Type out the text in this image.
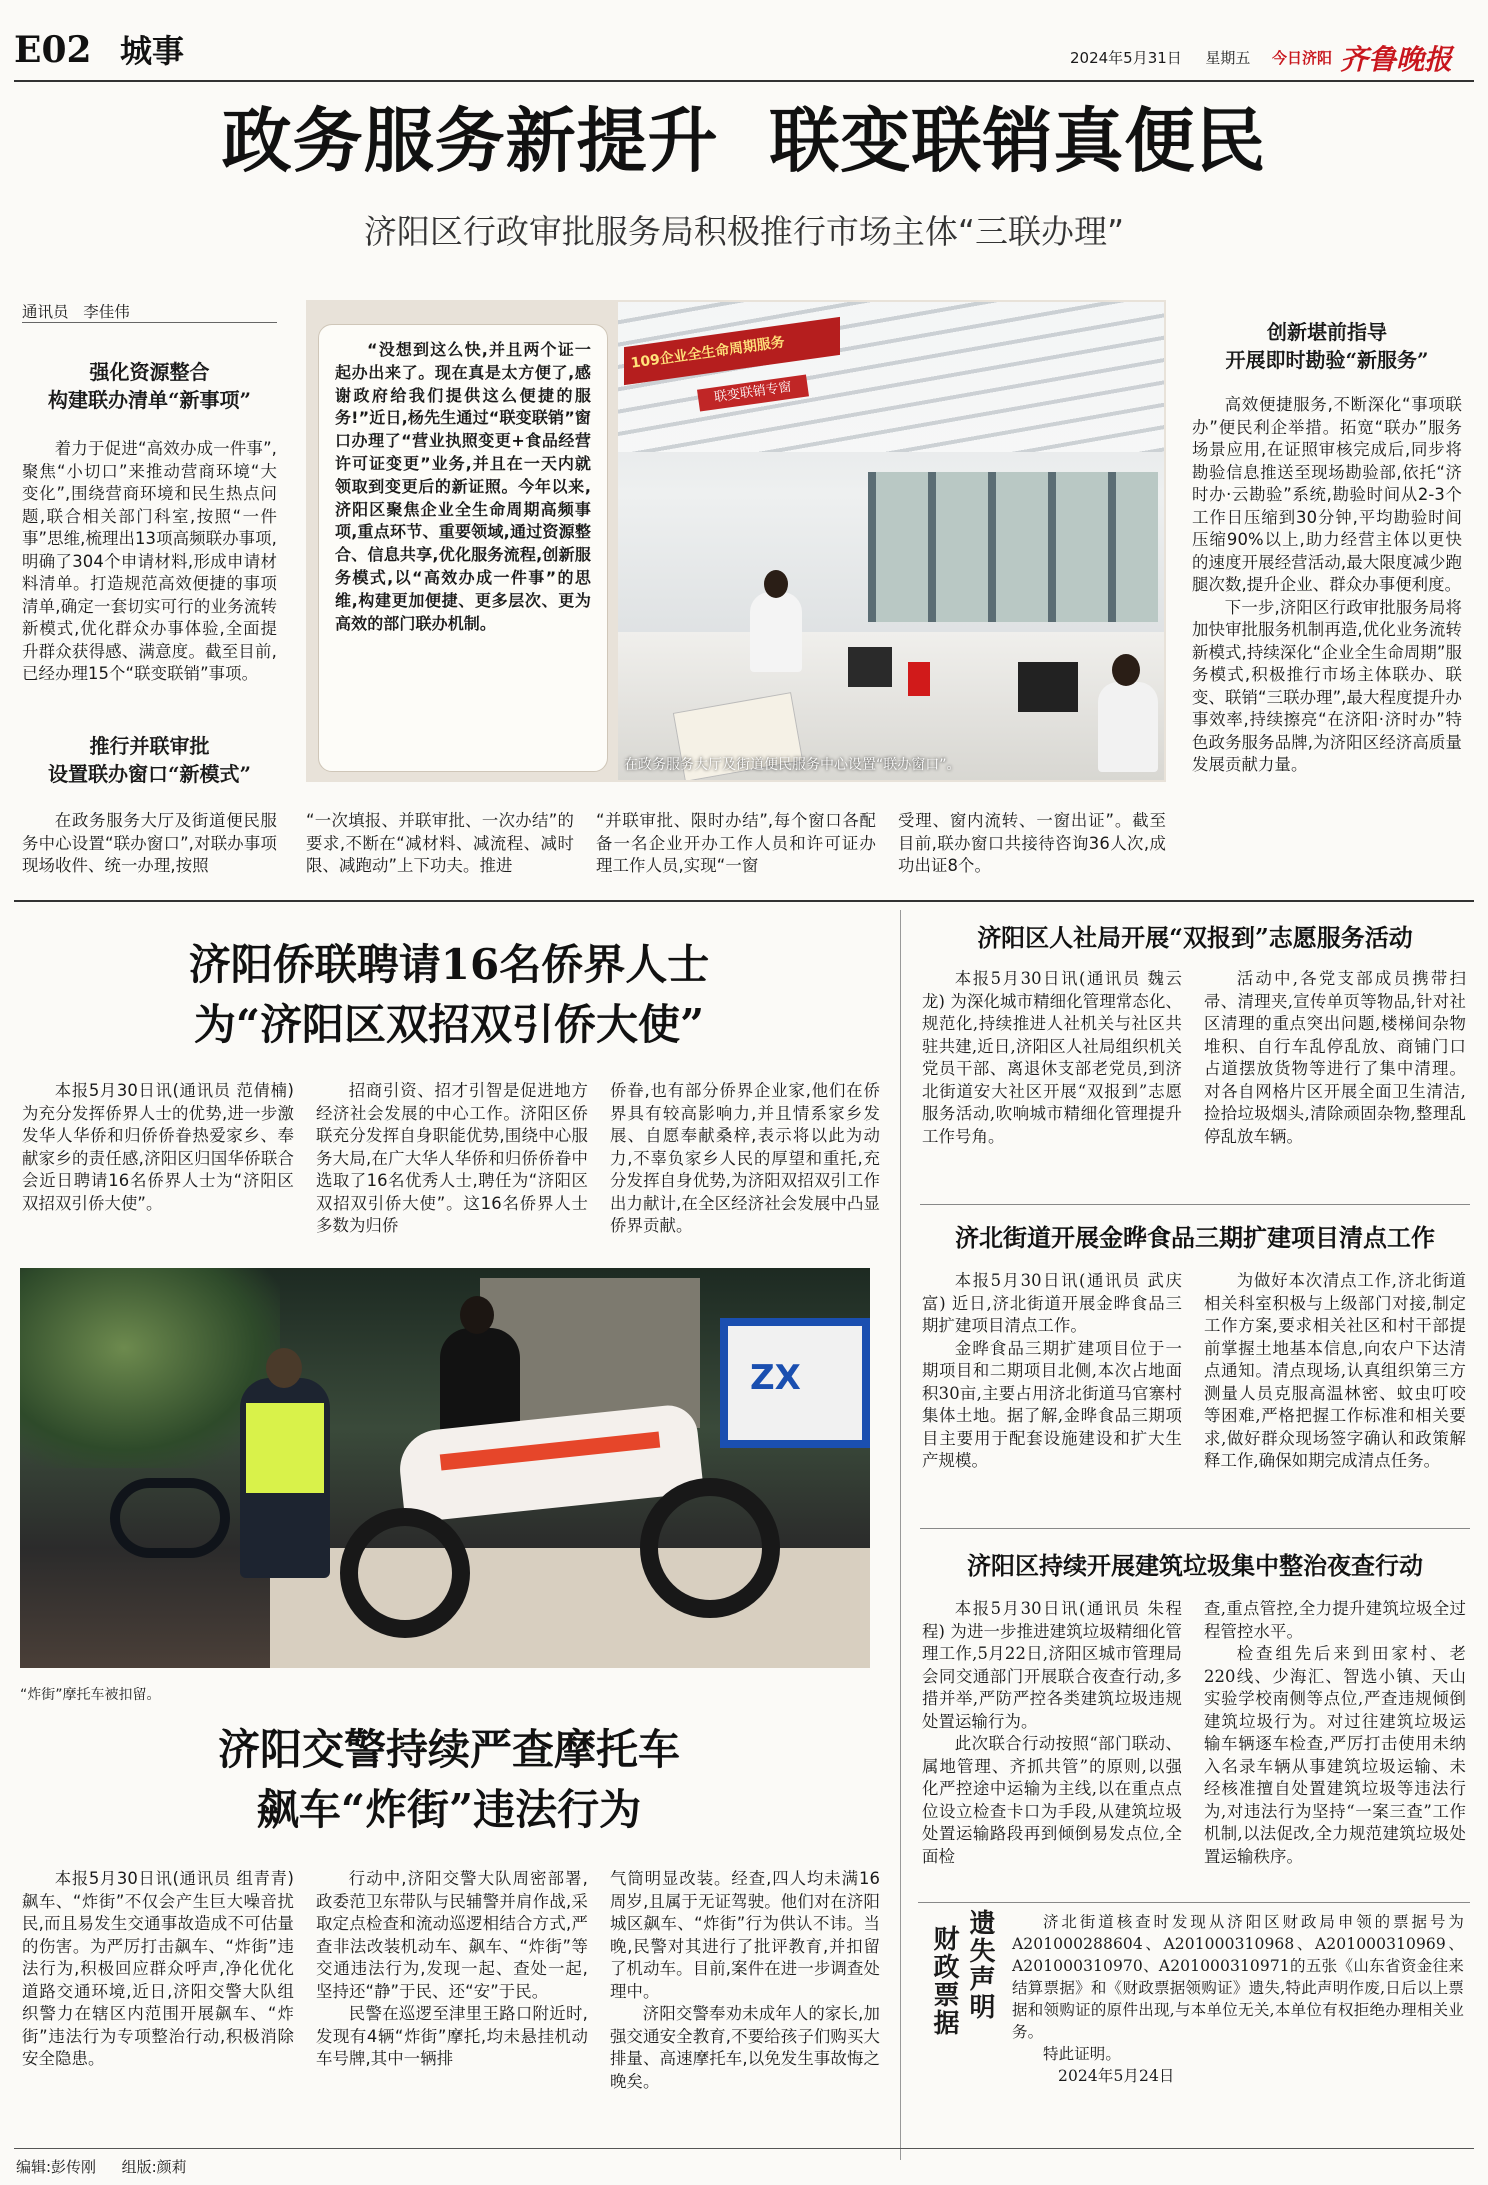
E02 城事	2024年5月31日 星期五 今日济阳 齐鲁晚报
政务服务新提升  联变联销真便民
济阳区行政审批服务局积极推行市场主体“三联办理”
通讯员   李佳伟
强化资源整合
构建联办清单“新事项”

着力于促进“高效办成一件事”,聚焦“小切口”来推动营商环境“大变化”,围绕营商环境和民生热点问题,联合相关部门科室,按照“一件事”思维,梳理出13项高频联办事项,明确了304个申请材料,形成申请材料清单。打造规范高效便捷的事项清单,确定一套切实可行的业务流转新模式,优化群众办事体验,全面提升群众获得感、满意度。截至目前,已经办理15个“联变联销”事项。

推行并联审批
设置联办窗口“新模式”

在政务服务大厅及街道便民服务中心设置“联办窗口”,对联办事项现场收件、统一办理,按照

“没想到这么快,并且两个证一起办出来了。现在真是太方便了,感谢政府给我们提供这么便捷的服务!”近日,杨先生通过“联变联销”窗口办理了“营业执照变更+食品经营许可证变更”业务,并且在一天内就领取到变更后的新证照。今年以来,济阳区聚焦企业全生命周期高频事项,重点环节、重要领域,通过资源整合、信息共享,优化服务流程,创新服务模式,以“高效办成一件事”的思维,构建更加便捷、更多层次、更为高效的部门联办机制。

109企业全生命周期服务
联变联销专窗
在政务服务大厅及街道便民服务中心设置“联办窗口”。

“一次填报、并联审批、一次办结”的要求,不断在“减材料、减流程、减时限、减跑动”上下功夫。推进

“并联审批、限时办结”,每个窗口各配备一名企业开办工作人员和许可证办理工作人员,实现“一窗

受理、窗内流转、一窗出证”。截至目前,联办窗口共接待咨询36人次,成功出证8个。

创新堪前指导
开展即时勘验“新服务”

高效便捷服务,不断深化“事项联办”便民利企举措。拓宽“联办”服务场景应用,在证照审核完成后,同步将勘验信息推送至现场勘验部,依托“济时办·云勘验”系统,勘验时间从2-3个工作日压缩到30分钟,平均勘验时间压缩90%以上,助力经营主体以更快的速度开展经营活动,最大限度减少跑腿次数,提升企业、群众办事便利度。

下一步,济阳区行政审批服务局将加快审批服务机制再造,优化业务流转新模式,持续深化“企业全生命周期”服务模式,积极推行市场主体联办、联变、联销“三联办理”,最大程度提升办事效率,持续擦亮“在济阳·济时办”特色政务服务品牌,为济阳区经济高质量发展贡献力量。

济阳侨联聘请16名侨界人士
为“济阳区双招双引侨大使”

本报5月30日讯(通讯员 范倩楠) 为充分发挥侨界人士的优势,进一步激发华人华侨和归侨侨眷热爱家乡、奉献家乡的责任感,济阳区归国华侨联合会近日聘请16名侨界人士为“济阳区双招双引侨大使”。

招商引资、招才引智是促进地方经济社会发展的中心工作。济阳区侨联充分发挥自身职能优势,围绕中心服务大局,在广大华人华侨和归侨侨眷中选取了16名优秀人士,聘任为“济阳区双招双引侨大使”。这16名侨界人士多数为归侨

侨眷,也有部分侨界企业家,他们在侨界具有较高影响力,并且情系家乡发展、自愿奉献桑梓,表示将以此为动力,不辜负家乡人民的厚望和重托,充分发挥自身优势,为济阳双招双引工作出力献计,在全区经济社会发展中凸显侨界贡献。

ZX
“炸街”摩托车被扣留。
济阳交警持续严查摩托车
飙车“炸街”违法行为

本报5月30日讯(通讯员 组青青) 飙车、“炸街”不仅会产生巨大噪音扰民,而且易发生交通事故造成不可估量的伤害。为严厉打击飙车、“炸街”违法行为,积极回应群众呼声,净化优化道路交通环境,近日,济阳交警大队组织警力在辖区内范围开展飙车、“炸街”违法行为专项整治行动,积极消除安全隐患。

行动中,济阳交警大队周密部署,政委范卫东带队与民辅警并肩作战,采取定点检查和流动巡逻相结合方式,严查非法改装机动车、飙车、“炸街”等交通违法行为,发现一起、查处一起,坚持还“静”于民、还“安”于民。

民警在巡逻至津里王路口附近时,发现有4辆“炸街”摩托,均未悬挂机动车号牌,其中一辆排

气筒明显改装。经查,四人均未满16周岁,且属于无证驾驶。他们对在济阳城区飙车、“炸街”行为供认不讳。当晚,民警对其进行了批评教育,并扣留了机动车。目前,案件在进一步调查处理中。

济阳交警奉劝未成年人的家长,加强交通安全教育,不要给孩子们购买大排量、高速摩托车,以免发生事故悔之晚矣。

济阳区人社局开展“双报到”志愿服务活动

本报5月30日讯(通讯员 魏云龙) 为深化城市精细化管理常态化、规范化,持续推进人社机关与社区共驻共建,近日,济阳区人社局组织机关党员干部、离退休支部老党员,到济北街道安大社区开展“双报到”志愿服务活动,吹响城市精细化管理提升工作号角。

活动中,各党支部成员携带扫帚、清理夹,宣传单页等物品,针对社区清理的重点突出问题,楼梯间杂物堆积、自行车乱停乱放、商铺门口占道摆放货物等进行了集中清理。对各自网格片区开展全面卫生清洁,捡拾垃圾烟头,清除顽固杂物,整理乱停乱放车辆。

济北街道开展金晔食品三期扩建项目清点工作

本报5月30日讯(通讯员 武庆富) 近日,济北街道开展金晔食品三期扩建项目清点工作。

金晔食品三期扩建项目位于一期项目和二期项目北侧,本次占地面积30亩,主要占用济北街道马官寨村集体土地。据了解,金晔食品三期项目主要用于配套设施建设和扩大生产规模。

为做好本次清点工作,济北街道相关科室积极与上级部门对接,制定工作方案,要求相关社区和村干部提前掌握土地基本信息,向农户下达清点通知。清点现场,认真组织第三方测量人员克服高温林密、蚊虫叮咬等困难,严格把握工作标准和相关要求,做好群众现场签字确认和政策解释工作,确保如期完成清点任务。

济阳区持续开展建筑垃圾集中整治夜查行动

本报5月30日讯(通讯员 朱程程) 为进一步推进建筑垃圾精细化管理工作,5月22日,济阳区城市管理局会同交通部门开展联合夜查行动,多措并举,严防严控各类建筑垃圾违规处置运输行为。

此次联合行动按照“部门联动、属地管理、齐抓共管”的原则,以强化严控途中运输为主线,以在重点点位设立检查卡口为手段,从建筑垃圾处置运输路段再到倾倒易发点位,全面检

查,重点管控,全力提升建筑垃圾全过程管控水平。

检查组先后来到田家村、老220线、少海汇、智选小镇、天山实验学校南侧等点位,严查违规倾倒建筑垃圾行为。对过往建筑垃圾运输车辆逐车检查,严厉打击使用未纳入名录车辆从事建筑垃圾运输、未经核准擅自处置建筑垃圾等违法行为,对违法行为坚持“一案三查”工作机制,以法促改,全力规范建筑垃圾处置运输秩序。

财政票据 遗失声明	济北街道核查时发现从济阳区财政局申领的票据号为A201000288604、A201000310968、A201000310969、A201000310970、A201000310971的五张《山东省资金往来结算票据》和《财政票据领购证》遗失,特此声明作废,日后以上票据和领购证的原件出现,与本单位无关,本单位有权拒绝办理相关业务。

特此证明。

2024年5月24日

编辑:彭传刚 组版:颜莉
